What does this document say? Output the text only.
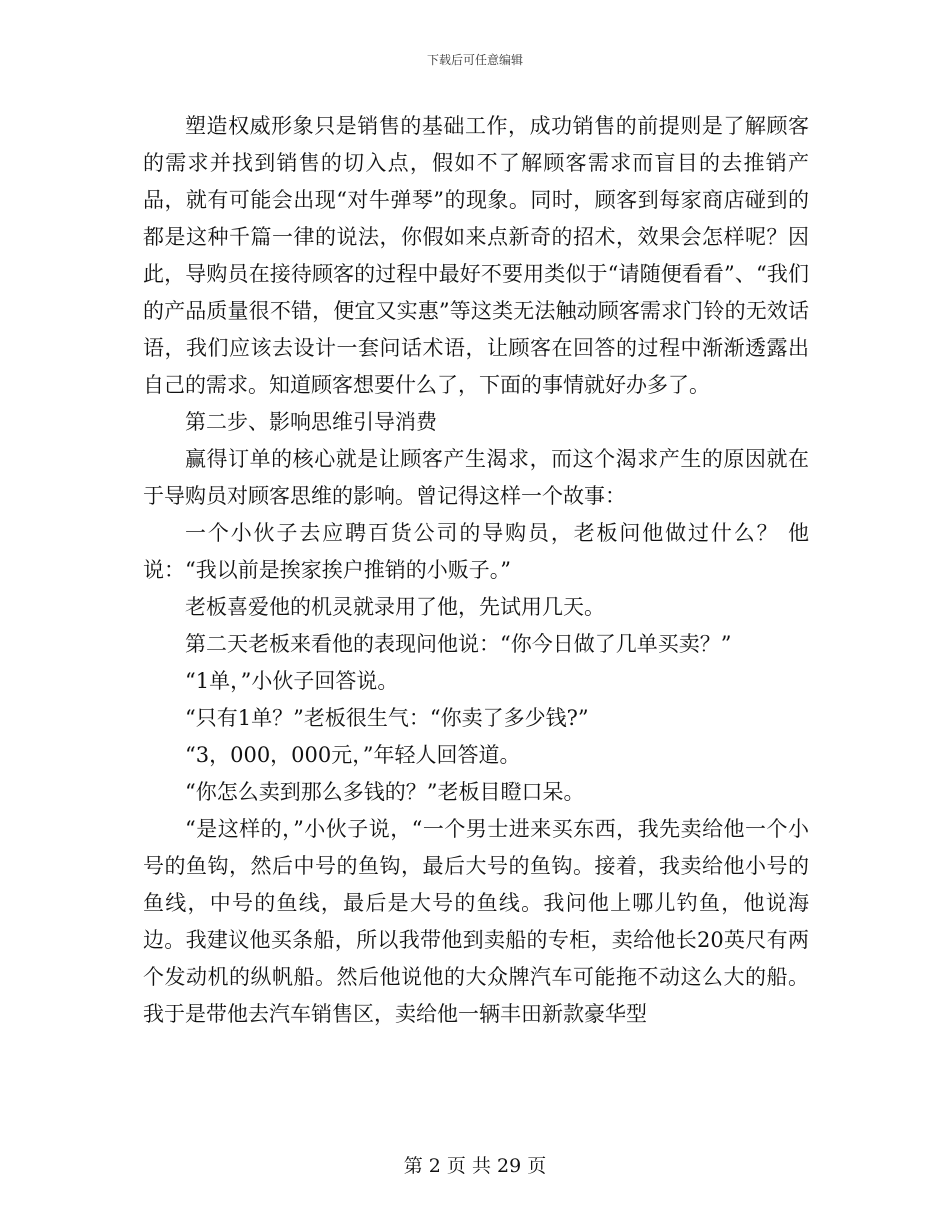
下载后可任意编辑

塑造权威形象只是销售的基础工作，成功销售的前提则是了解顾客的需求并找到销售的切入点，假如不了解顾客需求而盲目的去推销产品，就有可能会出现“对牛弹琴”的现象。同时，顾客到每家商店碰到的都是这种千篇一律的说法，你假如来点新奇的招术，效果会怎样呢？因此，导购员在接待顾客的过程中最好不要用类似于“请随便看看”、“我们的产品质量很不错，便宜又实惠”等这类无法触动顾客需求门铃的无效话语，我们应该去设计一套问话术语，让顾客在回答的过程中渐渐透露出自己的需求。知道顾客想要什么了，下面的事情就好办多了。

第二步、影响思维引导消费

赢得订单的核心就是让顾客产生渴求，而这个渴求产生的原因就在于导购员对顾客思维的影响。曾记得这样一个故事：

一个小伙子去应聘百货公司的导购员，老板问他做过什么？ 他说：“我以前是挨家挨户推销的小贩子。”

老板喜爱他的机灵就录用了他，先试用几天。

第二天老板来看他的表现问他说：“你今日做了几单买卖？”

“1单，”小伙子回答说。

“只有1单？”老板很生气：“你卖了多少钱?”

“3，000，000元，”年轻人回答道。

“你怎么卖到那么多钱的？”老板目瞪口呆。

“是这样的，”小伙子说，“一个男士进来买东西，我先卖给他一个小号的鱼钩，然后中号的鱼钩，最后大号的鱼钩。接着，我卖给他小号的鱼线，中号的鱼线，最后是大号的鱼线。我问他上哪儿钓鱼，他说海边。我建议他买条船，所以我带他到卖船的专柜，卖给他长20英尺有两个发动机的纵帆船。然后他说他的大众牌汽车可能拖不动这么大的船。我于是带他去汽车销售区，卖给他一辆丰田新款豪华型

第 2 页 共 29 页
